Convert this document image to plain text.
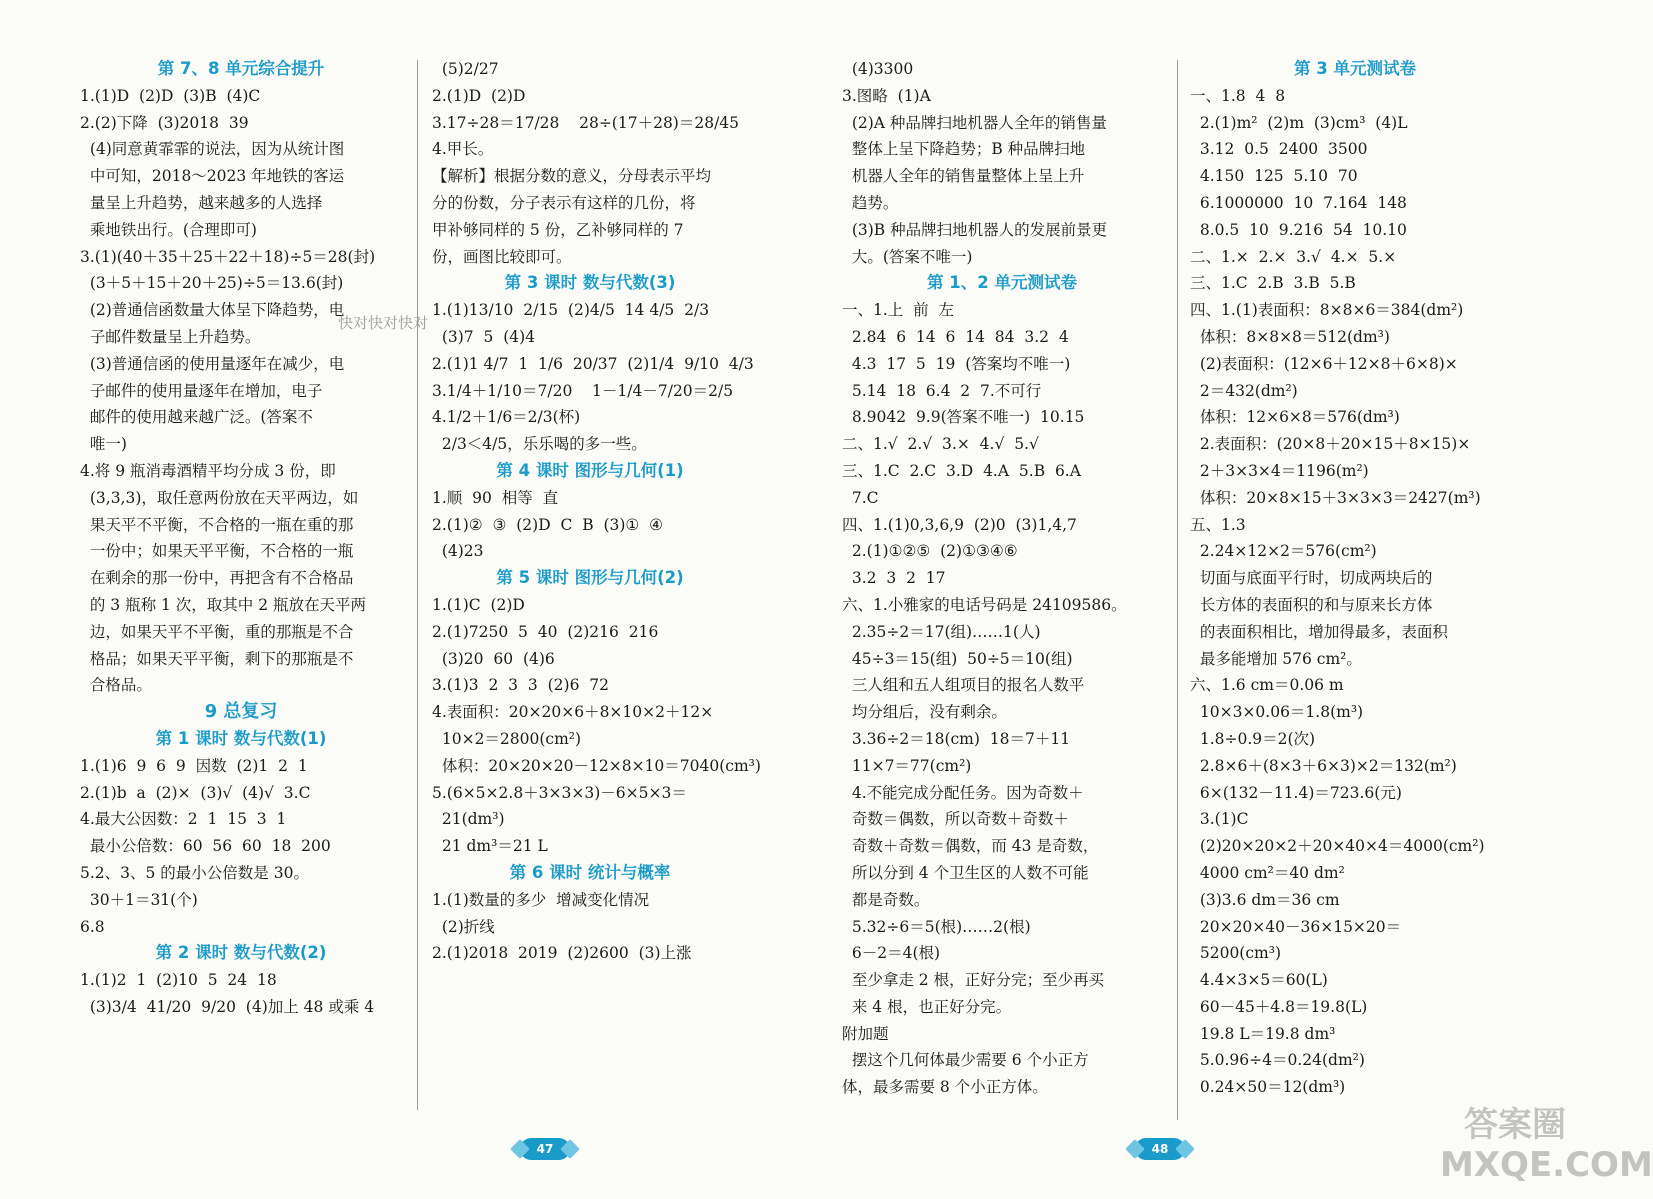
第 7、8 单元综合提升
1.(1)D  (2)D  (3)B  (4)C
2.(2)下降  (3)2018  39
(4)同意黄霏霏的说法，因为从统计图
中可知，2018～2023 年地铁的客运
量呈上升趋势，越来越多的人选择
乘地铁出行。(合理即可)
3.(1)(40＋35＋25＋22＋18)÷5＝28(封)
(3＋5＋15＋20＋25)÷5＝13.6(封)
(2)普通信函数量大体呈下降趋势，电
子邮件数量呈上升趋势。
(3)普通信函的使用量逐年在减少，电
子邮件的使用量逐年在增加，电子
邮件的使用越来越广泛。(答案不
唯一)
4.将 9 瓶消毒酒精平均分成 3 份，即
(3,3,3)，取任意两份放在天平两边，如
果天平不平衡，不合格的一瓶在重的那
一份中；如果天平平衡，不合格的一瓶
在剩余的那一份中，再把含有不合格品
的 3 瓶称 1 次，取其中 2 瓶放在天平两
边，如果天平不平衡，重的那瓶是不合
格品；如果天平平衡，剩下的那瓶是不
合格品。
9 总复习
第 1 课时 数与代数(1)
1.(1)6  9  6  9  因数  (2)1  2  1
2.(1)b  a  (2)×  (3)√  (4)√  3.C
4.最大公因数：2  1  15  3  1
最小公倍数：60  56  60  18  200
5.2、3、5 的最小公倍数是 30。
30＋1＝31(个)
6.8
第 2 课时 数与代数(2)
1.(1)2  1  (2)10  5  24  18
(3)3/4  41/20  9/20  (4)加上 48 或乘 4
(5)2/27
2.(1)D  (2)D
3.17÷28＝17/28    28÷(17＋28)＝28/45
4.甲长。
【解析】根据分数的意义，分母表示平均
分的份数，分子表示有这样的几份，将
甲补够同样的 5 份，乙补够同样的 7
份，画图比较即可。
第 3 课时 数与代数(3)
1.(1)13/10  2/15  (2)4/5  14 4/5  2/3
(3)7  5  (4)4
2.(1)1 4/7  1  1/6  20/37  (2)1/4  9/10  4/3
3.1/4＋1/10＝7/20    1－1/4－7/20＝2/5
4.1/2＋1/6＝2/3(杯)
2/3＜4/5，乐乐喝的多一些。
第 4 课时 图形与几何(1)
1.顺  90  相等  直
2.(1)②  ③  (2)D  C  B  (3)①  ④
(4)23
第 5 课时 图形与几何(2)
1.(1)C  (2)D
2.(1)7250  5  40  (2)216  216
(3)20  60  (4)6
3.(1)3  2  3  3  (2)6  72
4.表面积：20×20×6＋8×10×2＋12×
10×2＝2800(cm²)
体积：20×20×20－12×8×10＝7040(cm³)
5.(6×5×2.8＋3×3×3)－6×5×3＝
21(dm³)
21 dm³＝21 L
第 6 课时 统计与概率
1.(1)数量的多少  增减变化情况
(2)折线
2.(1)2018  2019  (2)2600  (3)上涨
(4)3300
3.图略  (1)A
(2)A 种品牌扫地机器人全年的销售量
整体上呈下降趋势；B 种品牌扫地
机器人全年的销售量整体上呈上升
趋势。
(3)B 种品牌扫地机器人的发展前景更
大。(答案不唯一)
第 1、2 单元测试卷
一、1.上  前  左
2.84  6  14  6  14  84  3.2  4
4.3  17  5  19  (答案均不唯一)
5.14  18  6.4  2  7.不可行
8.9042  9.9(答案不唯一)  10.15
二、1.√  2.√  3.×  4.√  5.√
三、1.C  2.C  3.D  4.A  5.B  6.A
7.C
四、1.(1)0,3,6,9  (2)0  (3)1,4,7
2.(1)①②⑤  (2)①③④⑥
3.2  3  2  17
六、1.小雅家的电话号码是 24109586。
2.35÷2＝17(组)……1(人)
45÷3＝15(组)  50÷5＝10(组)
三人组和五人组项目的报名人数平
均分组后，没有剩余。
3.36÷2＝18(cm)  18＝7＋11
11×7＝77(cm²)
4.不能完成分配任务。因为奇数＋
奇数＝偶数，所以奇数＋奇数＋
奇数＋奇数＝偶数，而 43 是奇数，
所以分到 4 个卫生区的人数不可能
都是奇数。
5.32÷6＝5(根)……2(根)
6－2＝4(根)
至少拿走 2 根，正好分完；至少再买
来 4 根，也正好分完。
附加题
摆这个几何体最少需要 6 个小正方
体，最多需要 8 个小正方体。
第 3 单元测试卷
一、1.8  4  8
2.(1)m²  (2)m  (3)cm³  (4)L
3.12  0.5  2400  3500
4.150  125  5.10  70
6.1000000  10  7.164  148
8.0.5  10  9.216  54  10.10
二、1.×  2.×  3.√  4.×  5.×
三、1.C  2.B  3.B  5.B
四、1.(1)表面积：8×8×6＝384(dm²)
体积：8×8×8＝512(dm³)
(2)表面积：(12×6＋12×8＋6×8)×
2＝432(dm²)
体积：12×6×8＝576(dm³)
2.表面积：(20×8＋20×15＋8×15)×
2＋3×3×4＝1196(m²)
体积：20×8×15＋3×3×3＝2427(m³)
五、1.3
2.24×12×2＝576(cm²)
切面与底面平行时，切成两块后的
长方体的表面积的和与原来长方体
的表面积相比，增加得最多，表面积
最多能增加 576 cm²。
六、1.6 cm＝0.06 m
10×3×0.06＝1.8(m³)
1.8÷0.9＝2(次)
2.8×6＋(8×3＋6×3)×2＝132(m²)
6×(132－11.4)＝723.6(元)
3.(1)C
(2)20×20×2＋20×40×4＝4000(cm²)
4000 cm²＝40 dm²
(3)3.6 dm＝36 cm
20×20×40－36×15×20＝
5200(cm³)
4.4×3×5＝60(L)
60－45＋4.8＝19.8(L)
19.8 L＝19.8 dm³
5.0.96÷4＝0.24(dm²)
0.24×50＝12(dm³)
快对快对快对
47	48
答案圈 MXQE.COM
